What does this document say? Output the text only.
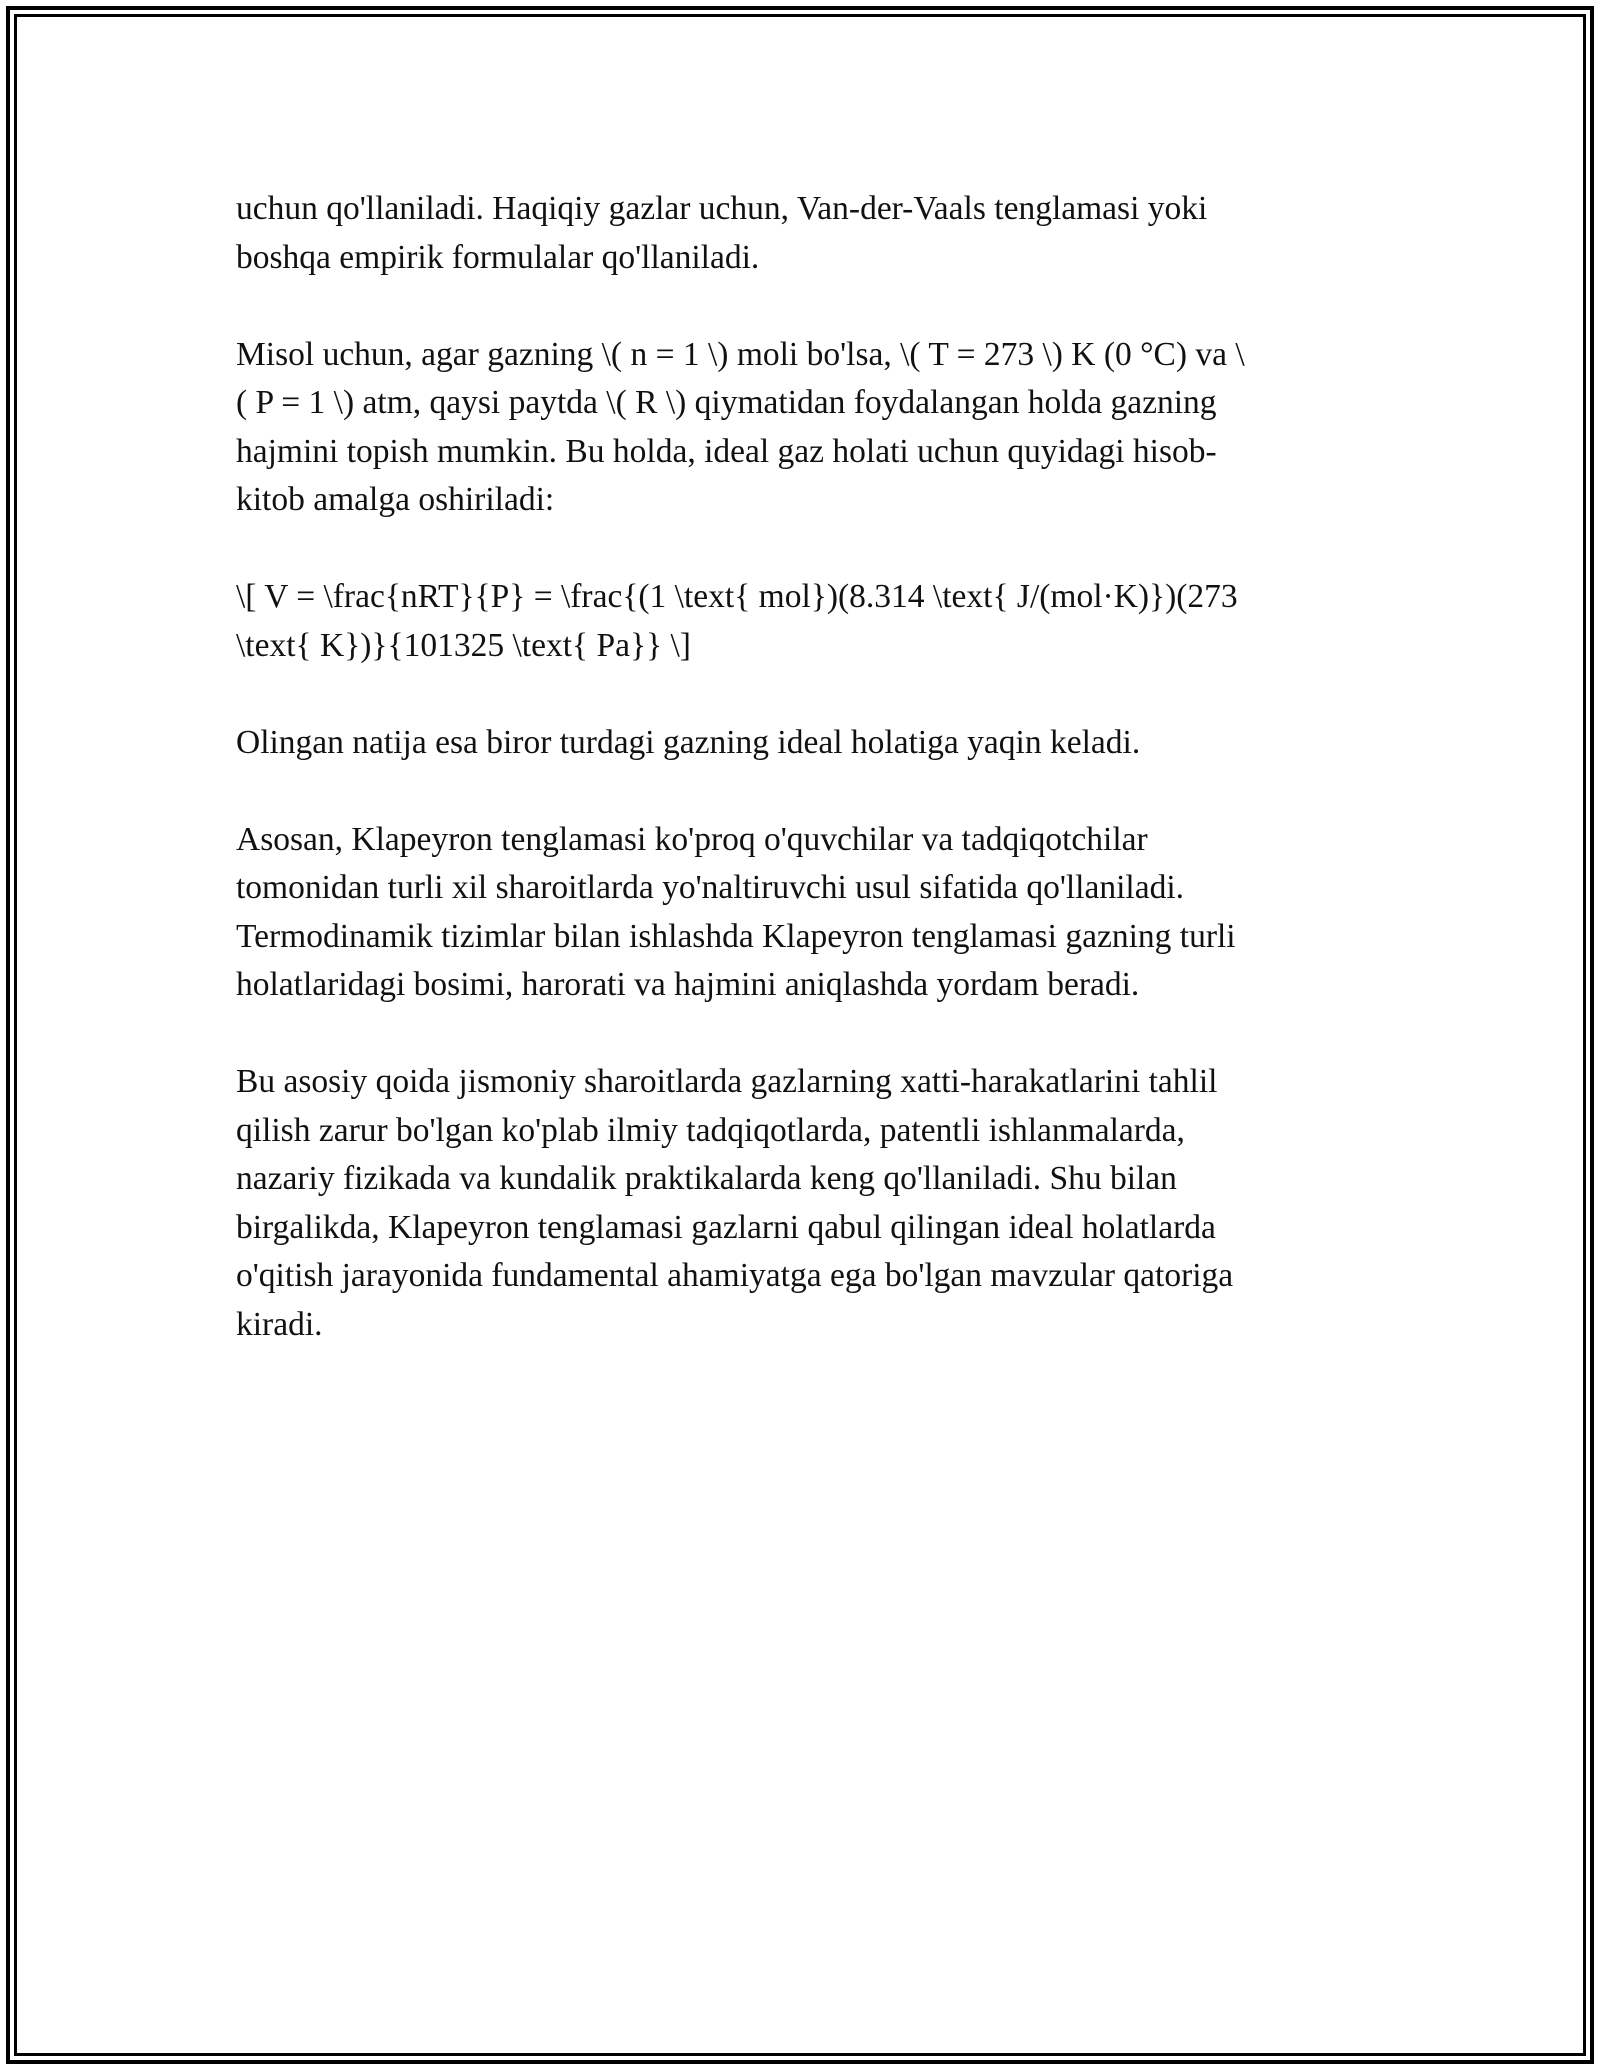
uchun qo'llaniladi. Haqiqiy gazlar uchun, Van-der-Vaals tenglamasi yoki
boshqa empirik formulalar qo'llaniladi.

Misol uchun, agar gazning \( n = 1 \) moli bo'lsa, \( T = 273 \) K (0 °C) va \
( P = 1 \) atm, qaysi paytda \( R \) qiymatidan foydalangan holda gazning
hajmini topish mumkin. Bu holda, ideal gaz holati uchun quyidagi hisob-
kitob amalga oshiriladi:

\[ V = \frac{nRT}{P} = \frac{(1 \text{ mol})(8.314 \text{ J/(mol·K)})(273
\text{ K})}{101325 \text{ Pa}} \]

Olingan natija esa biror turdagi gazning ideal holatiga yaqin keladi.

Asosan, Klapeyron tenglamasi ko'proq o'quvchilar va tadqiqotchilar
tomonidan turli xil sharoitlarda yo'naltiruvchi usul sifatida qo'llaniladi.
Termodinamik tizimlar bilan ishlashda Klapeyron tenglamasi gazning turli
holatlaridagi bosimi, harorati va hajmini aniqlashda yordam beradi.

Bu asosiy qoida jismoniy sharoitlarda gazlarning xatti-harakatlarini tahlil
qilish zarur bo'lgan ko'plab ilmiy tadqiqotlarda, patentli ishlanmalarda,
nazariy fizikada va kundalik praktikalarda keng qo'llaniladi. Shu bilan
birgalikda, Klapeyron tenglamasi gazlarni qabul qilingan ideal holatlarda
o'qitish jarayonida fundamental ahamiyatga ega bo'lgan mavzular qatoriga
kiradi.
